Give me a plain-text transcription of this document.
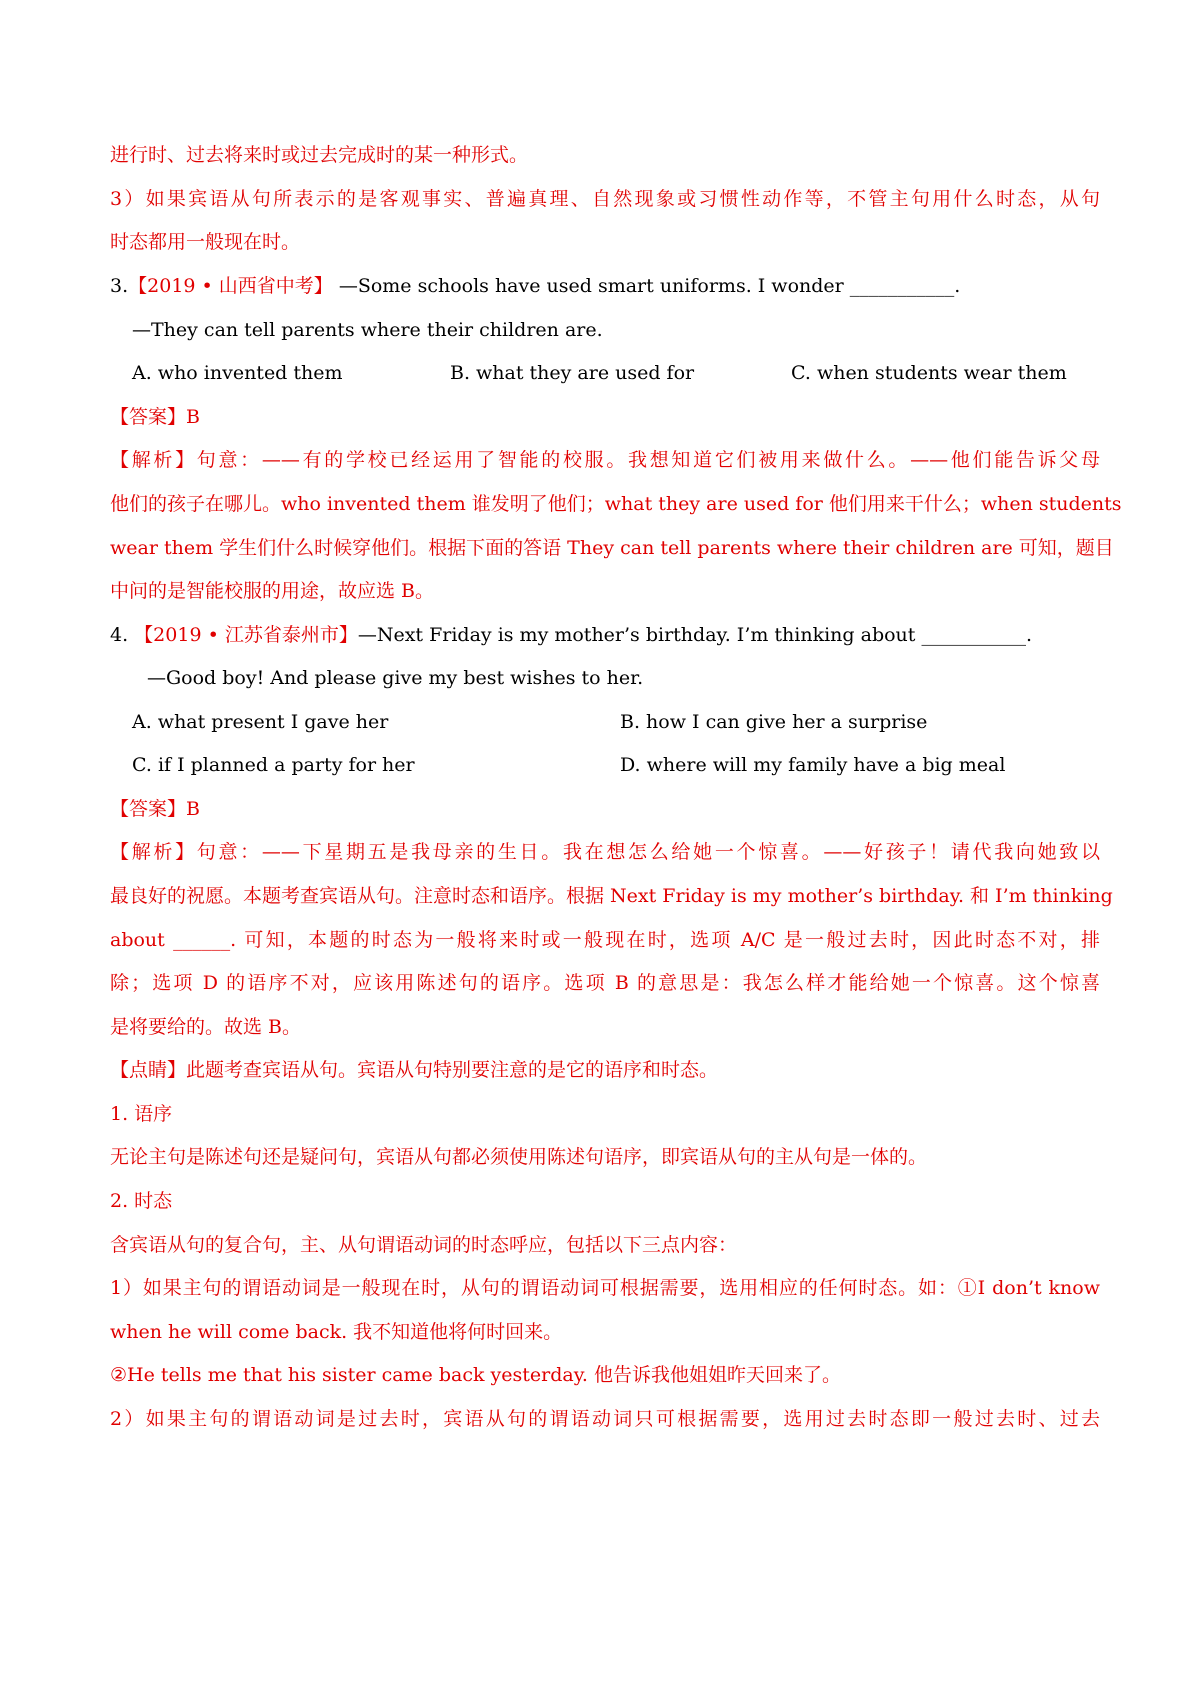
进行时、过去将来时或过去完成时的某一种形式。
3）如果宾语从句所表示的是客观事实、普遍真理、自然现象或习惯性动作等，不管主句用什么时态，从句
时态都用一般现在时。
3.【2019 • 山西省中考】 —Some schools have used smart uniforms. I wonder ___________.
—They can tell parents where their children are.
A. who invented them	B. what they are used for	C. when students wear them
【答案】B
【解析】句意：——有的学校已经运用了智能的校服。我想知道它们被用来做什么。——他们能告诉父母
他们的孩子在哪儿。who invented them 谁发明了他们；what they are used for 他们用来干什么；when students
wear them 学生们什么时候穿他们。根据下面的答语 They can tell parents where their children are 可知，题目
中问的是智能校服的用途，故应选 B。
4. 【2019 • 江苏省泰州市】—Next Friday is my mother’s birthday. I’m thinking about ___________.
—Good boy! And please give my best wishes to her.
A. what present I gave her	B. how I can give her a surprise
C. if I planned a party for her	D. where will my family have a big meal
【答案】B
【解析】句意：——下星期五是我母亲的生日。我在想怎么给她一个惊喜。——好孩子！请代我向她致以
最良好的祝愿。本题考查宾语从句。注意时态和语序。根据 Next Friday is my mother’s birthday. 和 I’m thinking
about ______. 可知，本题的时态为一般将来时或一般现在时，选项 A/C 是一般过去时，因此时态不对，排
除；选项 D 的语序不对，应该用陈述句的语序。选项 B 的意思是：我怎么样才能给她一个惊喜。这个惊喜
是将要给的。故选 B。
【点睛】此题考查宾语从句。宾语从句特别要注意的是它的语序和时态。
1. 语序
无论主句是陈述句还是疑问句，宾语从句都必须使用陈述句语序，即宾语从句的主从句是一体的。
2. 时态
含宾语从句的复合句，主、从句谓语动词的时态呼应，包括以下三点内容：
1）如果主句的谓语动词是一般现在时，从句的谓语动词可根据需要，选用相应的任何时态。如：①I don’t know
when he will come back. 我不知道他将何时回来。
②He tells me that his sister came back yesterday. 他告诉我他姐姐昨天回来了。
2）如果主句的谓语动词是过去时，宾语从句的谓语动词只可根据需要，选用过去时态即一般过去时、过去
